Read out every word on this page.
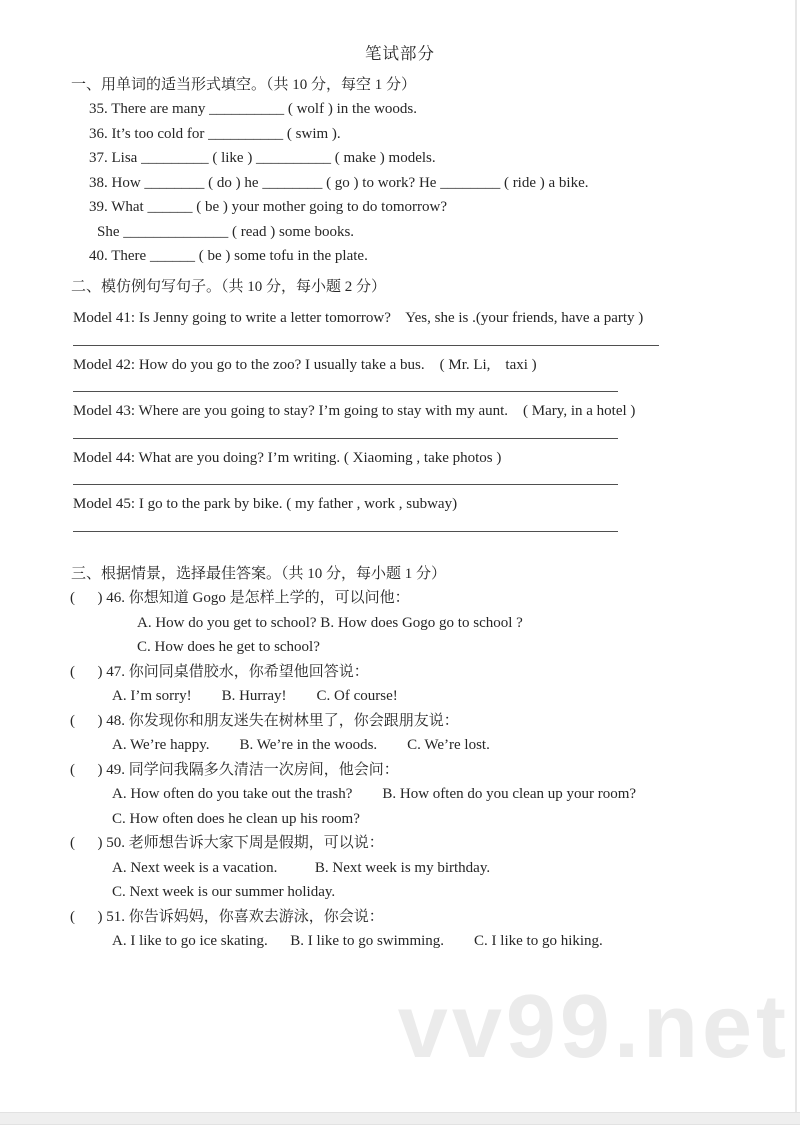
笔试部分
一、用单词的适当形式填空。（共 10 分，每空 1 分）
35. There are many __________ ( wolf ) in the woods.
36. It’s too cold for __________ ( swim ).
37. Lisa _________ ( like ) __________ ( make ) models.
38. How ________ ( do ) he ________ ( go ) to work? He ________ ( ride ) a bike.
39. What ______ ( be ) your mother going to do tomorrow?
She ______________ ( read ) some books.
40. There ______ ( be ) some tofu in the plate.
二、模仿例句写句子。（共 10 分，每小题 2 分）
Model 41: Is Jenny going to write a letter tomorrow?    Yes, she is .(your friends, have a party )
Model 42: How do you go to the zoo? I usually take a bus.    ( Mr. Li,    taxi )
Model 43: Where are you going to stay? I’m going to stay with my aunt.    ( Mary, in a hotel )
Model 44: What are you doing? I’m writing. ( Xiaoming , take photos )
Model 45: I go to the park by bike. ( my father , work , subway)
三、根据情景，选择最佳答案。（共 10 分，每小题 1 分）
(      ) 46. 你想知道 Gogo 是怎样上学的，可以问他：
A. How do you get to school? B. How does Gogo go to school ?
C. How does he get to school?
(      ) 47. 你问同桌借胶水，你希望他回答说：
A. I’m sorry!        B. Hurray!        C. Of course!
(      ) 48. 你发现你和朋友迷失在树林里了，你会跟朋友说：
A. We’re happy.        B. We’re in the woods.        C. We’re lost.
(      ) 49. 同学问我隔多久清洁一次房间，他会问：
A. How often do you take out the trash?        B. How often do you clean up your room?
C. How often does he clean up his room?
(      ) 50. 老师想告诉大家下周是假期，可以说：
A. Next week is a vacation.          B. Next week is my birthday.
C. Next week is our summer holiday.
(      ) 51. 你告诉妈妈，你喜欢去游泳，你会说：
A. I like to go ice skating.      B. I like to go swimming.        C. I like to go hiking.
vv99.net
